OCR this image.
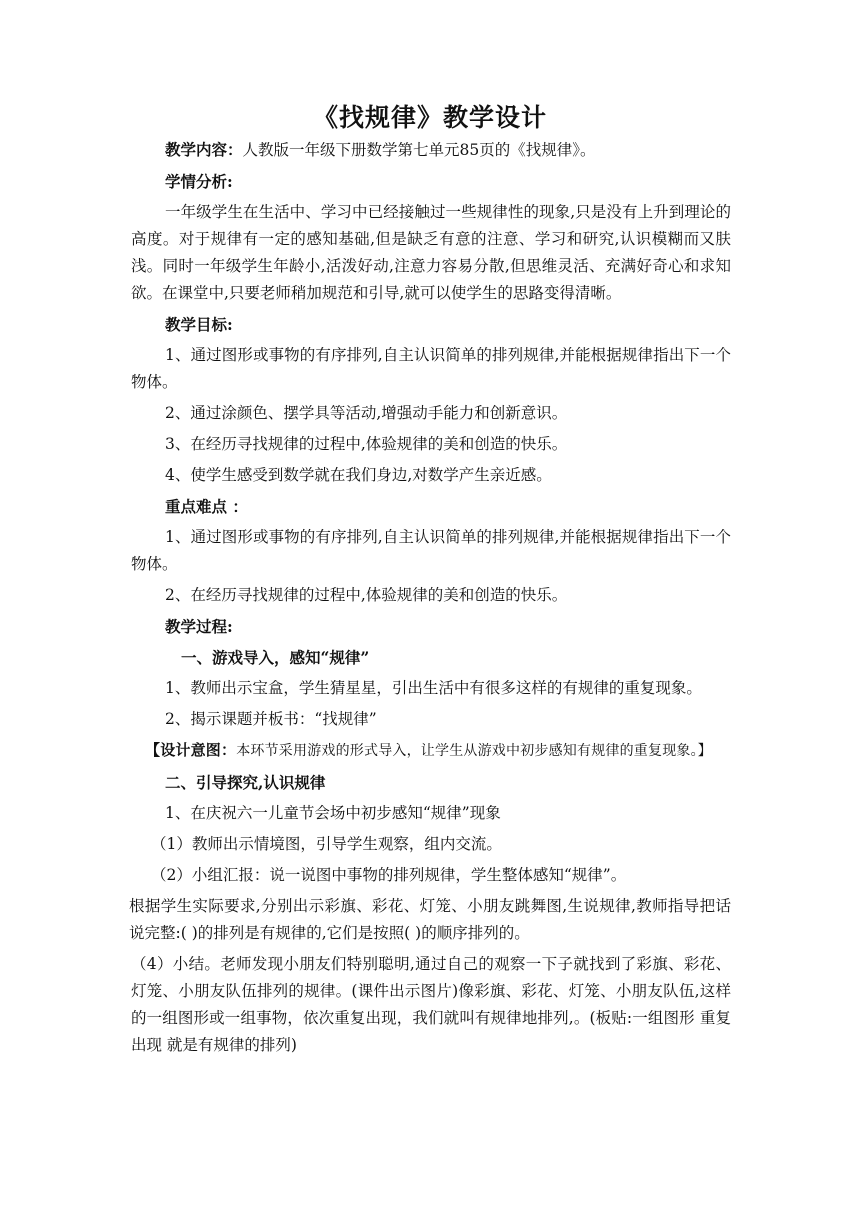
《找规律》教学设计

教学内容：人教版一年级下册数学第七单元85页的《找规律》。

学情分析:

一年级学生在生活中、学习中已经接触过一些规律性的现象,只是没有上升到理论的高度。对于规律有一定的感知基础,但是缺乏有意的注意、学习和研究,认识模糊而又肤浅。同时一年级学生年龄小,活泼好动,注意力容易分散,但思维灵活、充满好奇心和求知欲。在课堂中,只要老师稍加规范和引导,就可以使学生的思路变得清晰。

教学目标:

1、通过图形或事物的有序排列,自主认识简单的排列规律,并能根据规律指出下一个物体。

2、通过涂颜色、摆学具等活动,增强动手能力和创新意识。

3、在经历寻找规律的过程中,体验规律的美和创造的快乐。

4、使学生感受到数学就在我们身边,对数学产生亲近感。

重点难点 ：

1、通过图形或事物的有序排列,自主认识简单的排列规律,并能根据规律指出下一个物体。

2、在经历寻找规律的过程中,体验规律的美和创造的快乐。

教学过程:

一、游戏导入，感知“规律”

1、教师出示宝盒，学生猜星星，引出生活中有很多这样的有规律的重复现象。

2、揭示课题并板书：“找规律”

【设计意图：本环节采用游戏的形式导入，让学生从游戏中初步感知有规律的重复现象。】

二、引导探究,认识规律

1、在庆祝六一儿童节会场中初步感知“规律”现象

（1）教师出示情境图，引导学生观察，组内交流。

（2）小组汇报：说一说图中事物的排列规律，学生整体感知“规律”。

根据学生实际要求,分别出示彩旗、彩花、灯笼、小朋友跳舞图,生说规律,教师指导把话说完整:( )的排列是有规律的,它们是按照( )的顺序排列的。

（4）小结。老师发现小朋友们特别聪明,通过自己的观察一下子就找到了彩旗、彩花、灯笼、小朋友队伍排列的规律。(课件出示图片)像彩旗、彩花、灯笼、小朋友队伍,这样的一组图形或一组事物，依次重复出现，我们就叫有规律地排列,。(板贴:一组图形 重复出现 就是有规律的排列)
